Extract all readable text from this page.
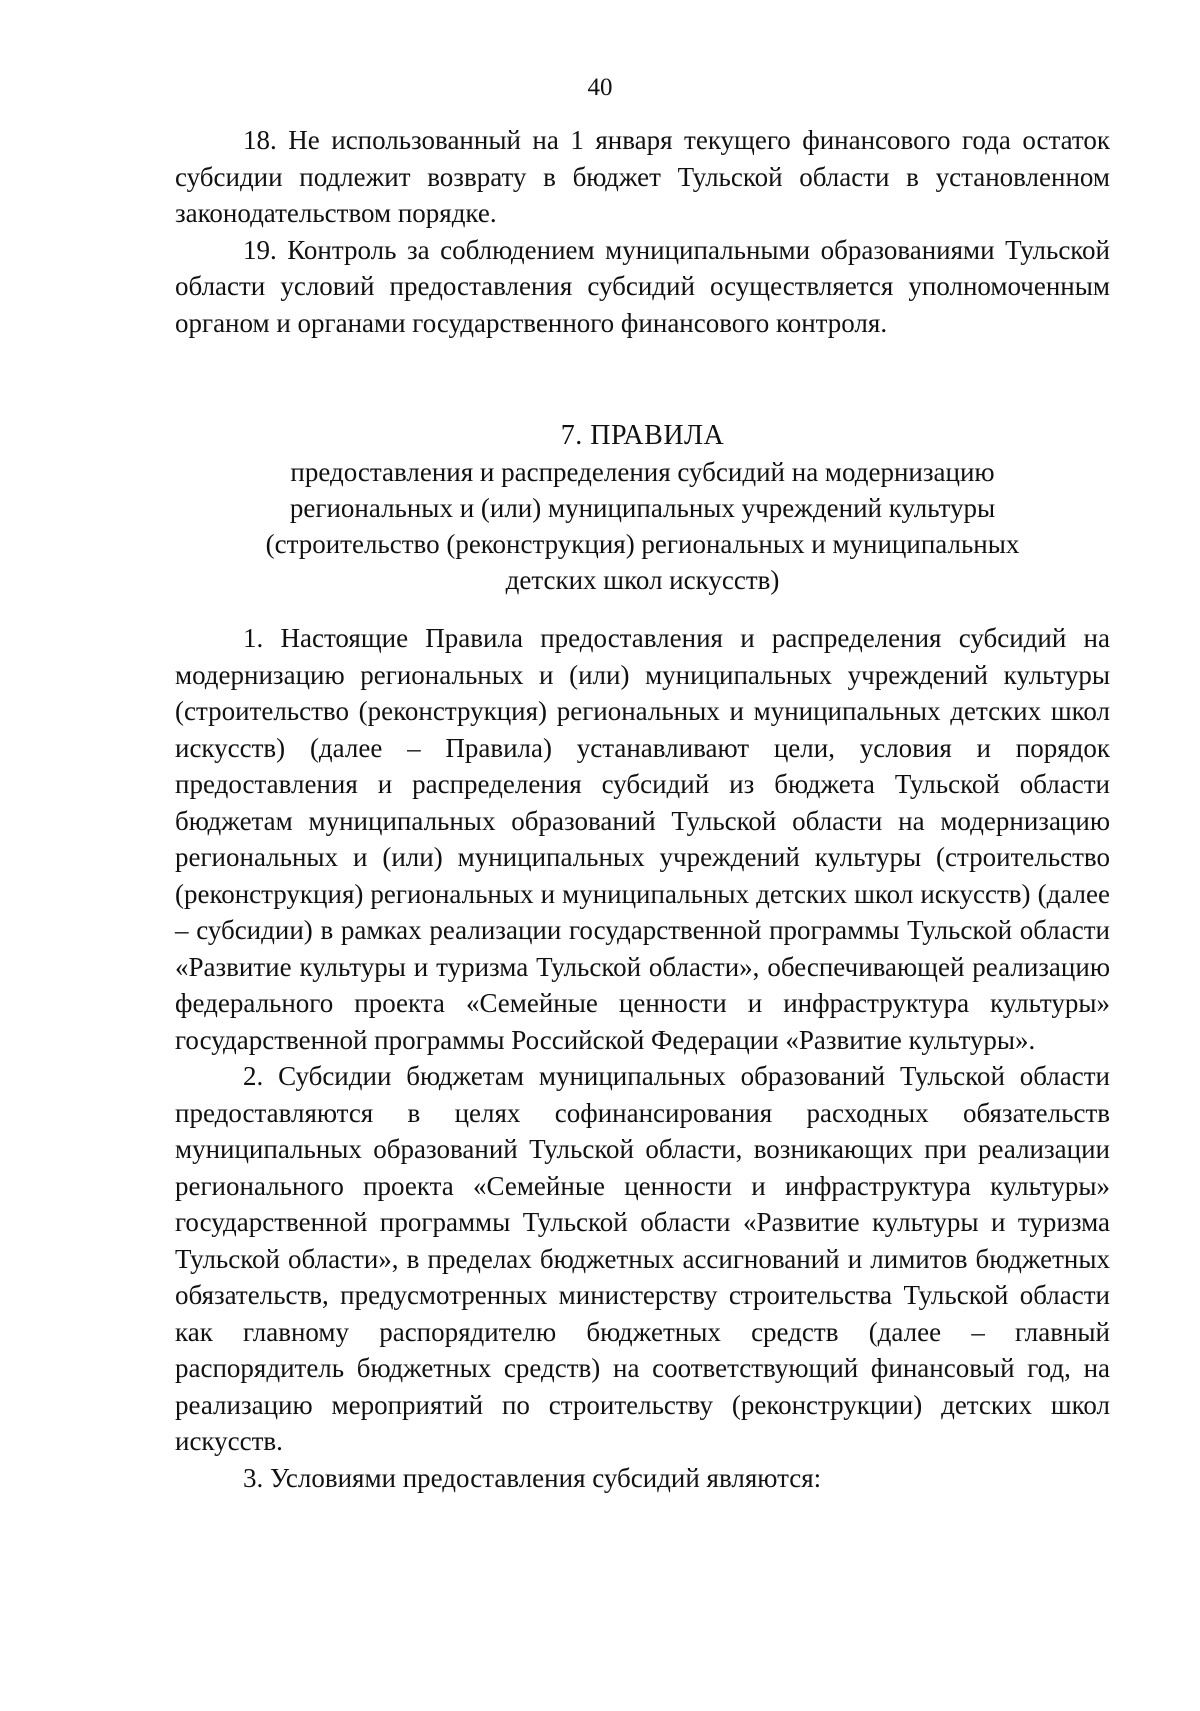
40

18. Не использованный на 1 января текущего финансового года остаток субсидии подлежит возврату в бюджет Тульской области в установленном законодательством порядке.

19. Контроль за соблюдением муниципальными образованиями Тульской области условий предоставления субсидий осуществляется уполномоченным органом и органами государственного финансового контроля.

7. ПРАВИЛА
предоставления и распределения субсидий на модернизацию
региональных и (или) муниципальных учреждений культуры
(строительство (реконструкция) региональных и муниципальных
детских школ искусств)

1. Настоящие Правила предоставления и распределения субсидий на модернизацию региональных и (или) муниципальных учреждений культуры (строительство (реконструкция) региональных и муниципальных детских школ искусств) (далее – Правила) устанавливают цели, условия и порядок предоставления и распределения субсидий из бюджета Тульской области бюджетам муниципальных образований Тульской области на модернизацию региональных и (или) муниципальных учреждений культуры (строительство (реконструкция) региональных и муниципальных детских школ искусств) (далее – субсидии) в рамках реализации государственной программы Тульской области «Развитие культуры и туризма Тульской области», обеспечивающей реализацию федерального проекта «Семейные ценности и инфраструктура культуры» государственной программы Российской Федерации «Развитие культуры».

2. Субсидии бюджетам муниципальных образований Тульской области предоставляются в целях софинансирования расходных обязательств муниципальных образований Тульской области, возникающих при реализации регионального проекта «Семейные ценности и инфраструктура культуры» государственной программы Тульской области «Развитие культуры и туризма Тульской области», в пределах бюджетных ассигнований и лимитов бюджетных обязательств, предусмотренных министерству строительства Тульской области как главному распорядителю бюджетных средств (далее – главный распорядитель бюджетных средств) на соответствующий финансовый год, на реализацию мероприятий по строительству (реконструкции) детских школ искусств.

3. Условиями предоставления субсидий являются:
